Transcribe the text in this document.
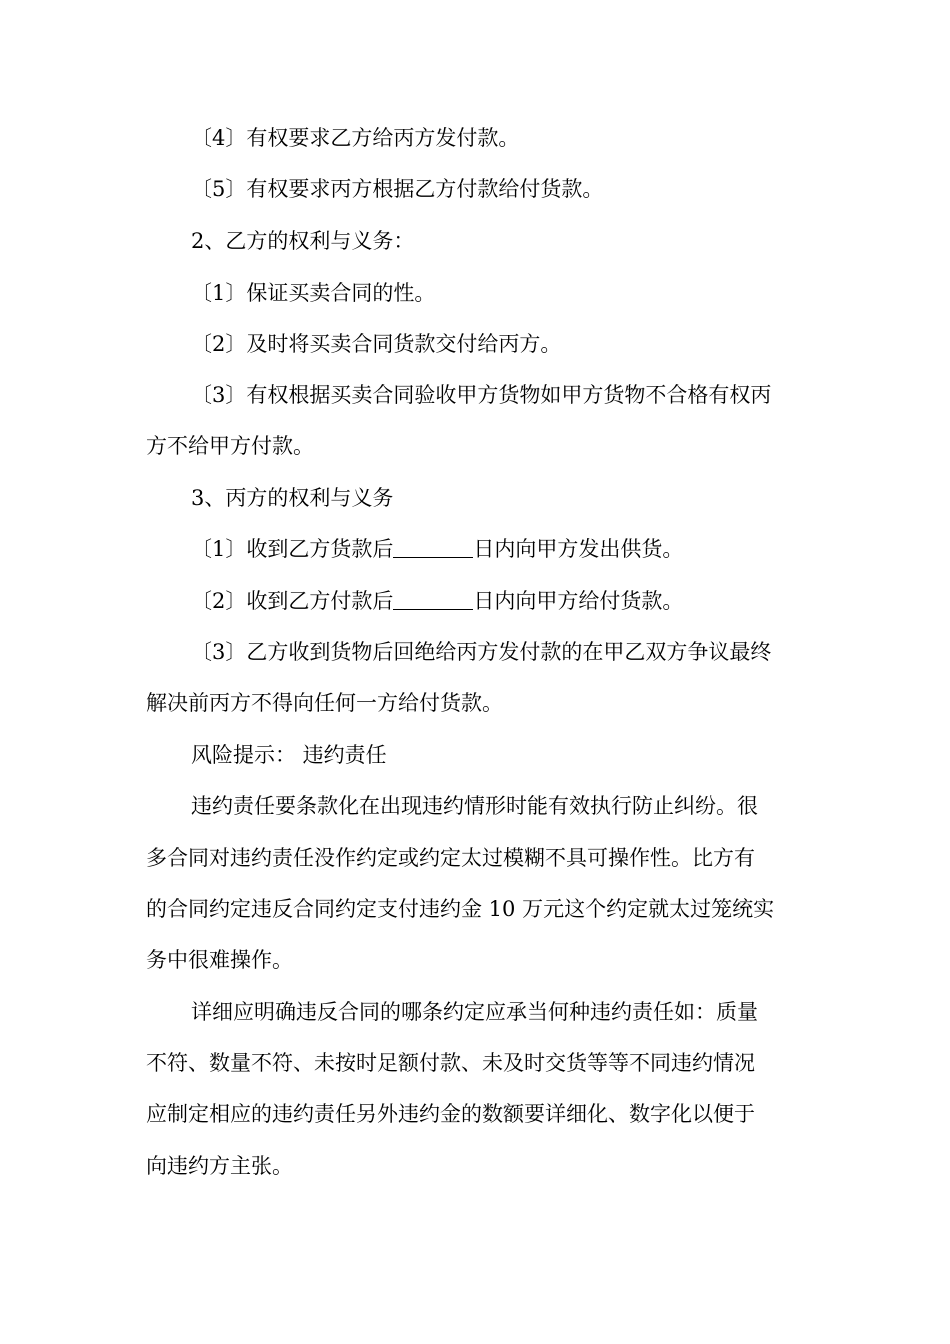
〔4〕有权要求乙方给丙方发付款。
〔5〕有权要求丙方根据乙方付款给付货款。
2、乙方的权利与义务：
〔1〕保证买卖合同的性。
〔2〕及时将买卖合同货款交付给丙方。
〔3〕有权根据买卖合同验收甲方货物如甲方货物不合格有权丙
方不给甲方付款。
3、丙方的权利与义务
〔1〕收到乙方货款后	日内向甲方发出供货。
〔2〕收到乙方付款后	日内向甲方给付货款。
〔3〕乙方收到货物后回绝给丙方发付款的在甲乙双方争议最终
解决前丙方不得向任何一方给付货款。
风险提示： 违约责任
违约责任要条款化在出现违约情形时能有效执行防止纠纷。很
多合同对违约责任没作约定或约定太过模糊不具可操作性。比方有
的合同约定违反合同约定支付违约金 10 万元这个约定就太过笼统实
务中很难操作。
详细应明确违反合同的哪条约定应承当何种违约责任如：质量
不符、数量不符、未按时足额付款、未及时交货等等不同违约情况
应制定相应的违约责任另外违约金的数额要详细化、数字化以便于
向违约方主张。
